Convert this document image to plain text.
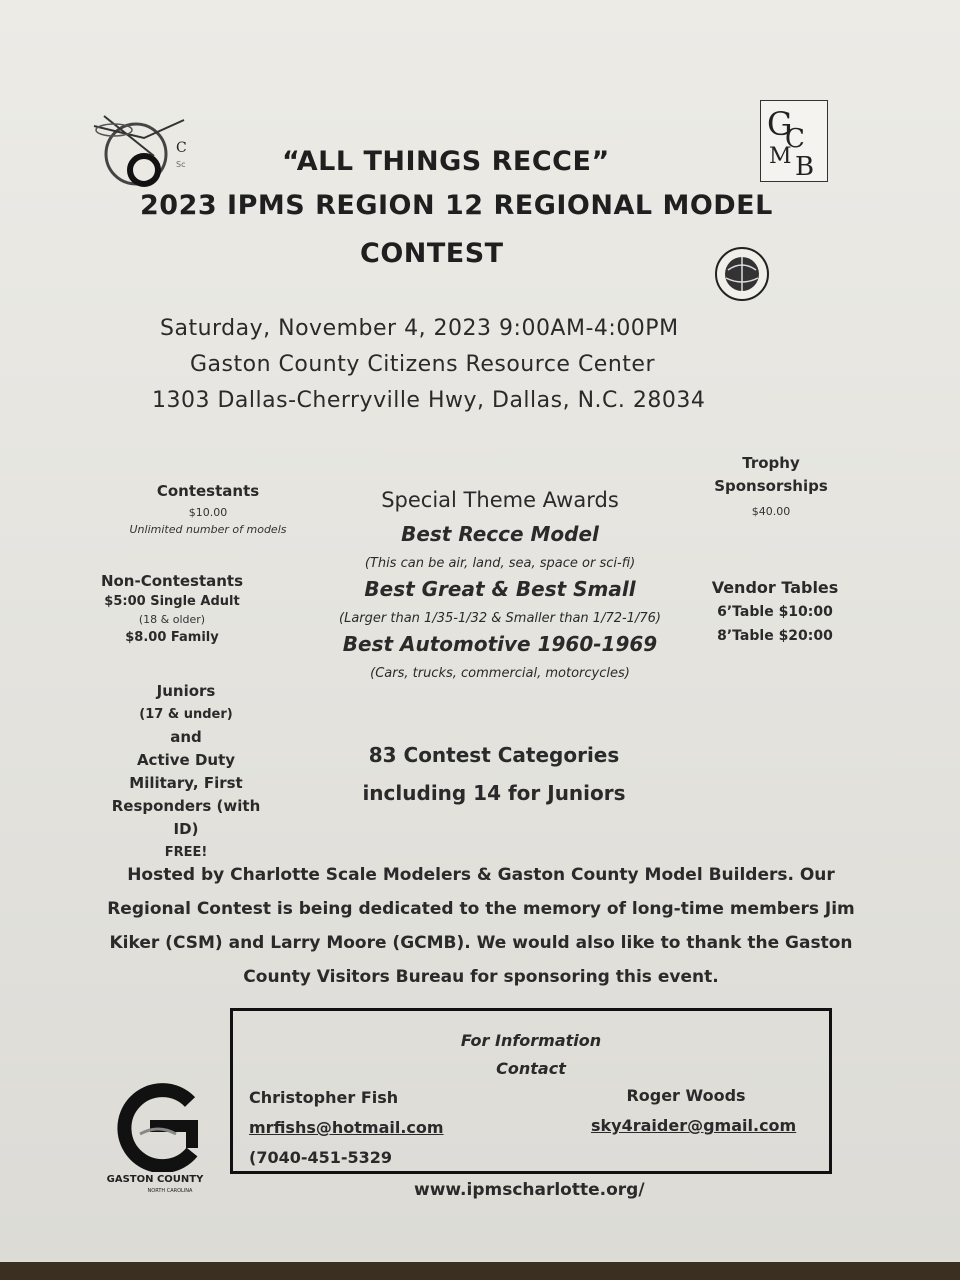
C
Sc
G
C
M B
“ALL THINGS RECCE”
2023 IPMS REGION 12 REGIONAL MODEL
CONTEST
Saturday, November 4, 2023 9:00AM-4:00PM
Gaston County Citizens Resource Center
1303 Dallas-Cherryville Hwy, Dallas, N.C. 28034
Contestants
$10.00
Unlimited number of models
Non-Contestants
$5:00 Single Adult
(18 & older)
$8.00 Family
Juniors
(17 & under)
and
Active Duty
Military, First
Responders (with
ID)
FREE!
Trophy
Sponsorships
$40.00
Vendor Tables
6’Table $10:00
8’Table $20:00
Special Theme Awards
Best Recce Model
(This can be air, land, sea, space or sci-fi)
Best Great & Best Small
(Larger than 1/35-1/32 & Smaller than 1/72-1/76)
Best Automotive 1960-1969
(Cars, trucks, commercial, motorcycles)
83 Contest Categories
including 14 for Juniors
Hosted by Charlotte Scale Modelers & Gaston County Model Builders. Our
Regional Contest is being dedicated to the memory of long-time members Jim
Kiker (CSM) and Larry Moore (GCMB). We would also like to thank the Gaston
County Visitors Bureau for sponsoring this event.
For Information
Contact
Christopher Fish
mrfishs@hotmail.com
(7040-451-5329
Roger Woods
sky4raider@gmail.com
GASTON COUNTY
NORTH CAROLINA	www.ipmscharlotte.org/
